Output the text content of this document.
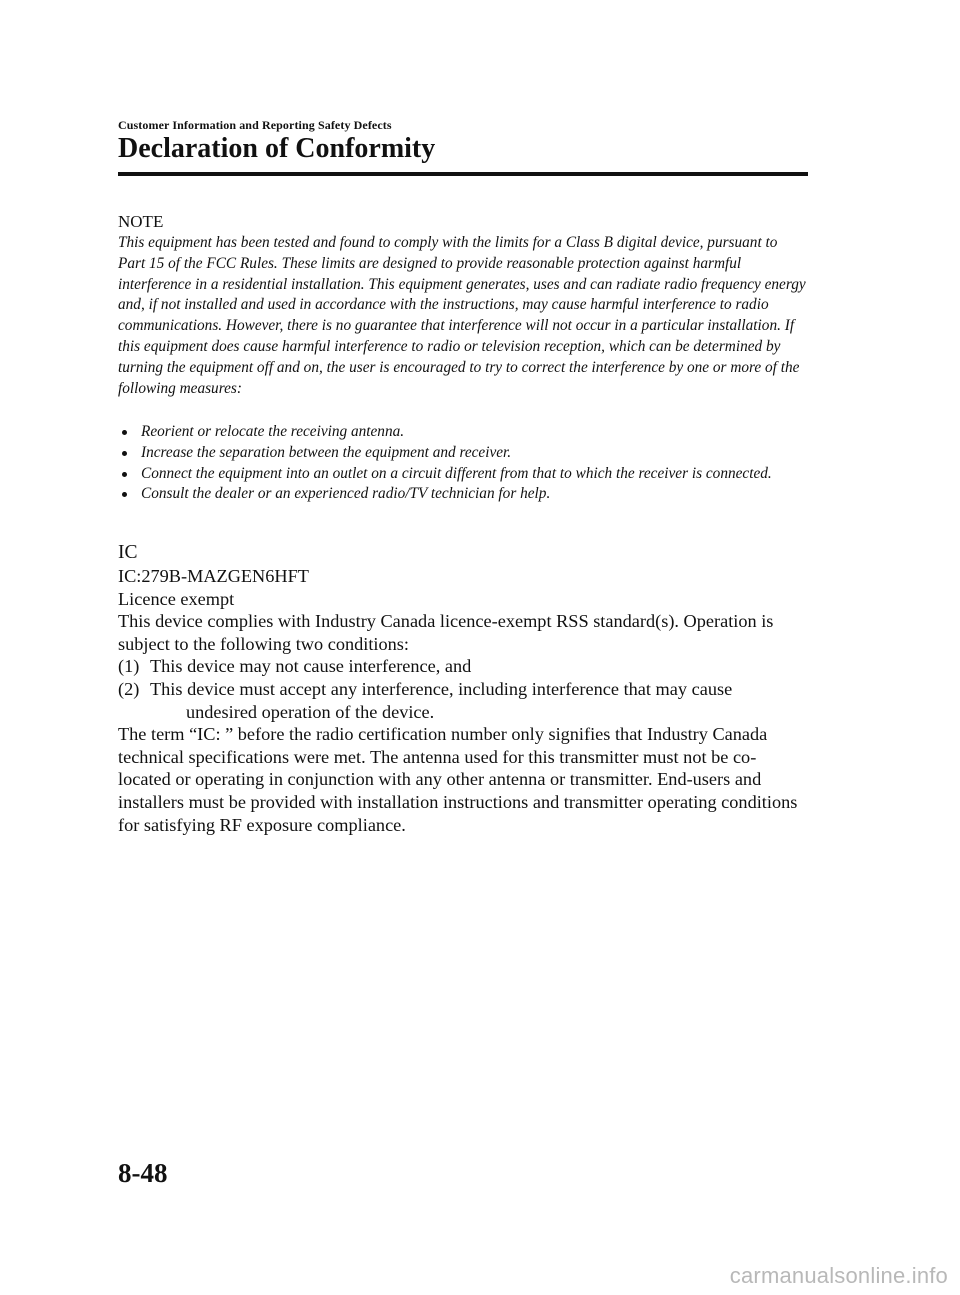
Customer Information and Reporting Safety Defects
Declaration of Conformity
NOTE
This equipment has been tested and found to comply with the limits for a Class B digital device, pursuant to Part 15 of the FCC Rules. These limits are designed to provide reasonable protection against harmful interference in a residential installation. This equipment generates, uses and can radiate radio frequency energy and, if not installed and used in accordance with the instructions, may cause harmful interference to radio communications. However, there is no guarantee that interference will not occur in a particular installation. If this equipment does cause harmful interference to radio or television reception, which can be determined by turning the equipment off and on, the user is encouraged to try to correct the interference by one or more of the following measures:
Reorient or relocate the receiving antenna.
Increase the separation between the equipment and receiver.
Connect the equipment into an outlet on a circuit different from that to which the receiver is connected.
Consult the dealer or an experienced radio/TV technician for help.
IC

IC:279B-MAZGEN6HFT

Licence exempt

This device complies with Industry Canada licence-exempt RSS standard(s). Operation is subject to the following two conditions:

(1) This device may not cause interference, and

(2) This device must accept any interference, including interference that may cause
undesired operation of the device.

The term “IC: ” before the radio certification number only signifies that Industry Canada technical specifications were met. The antenna used for this transmitter must not be co-located or operating in conjunction with any other antenna or transmitter. End-users and installers must be provided with installation instructions and transmitter operating conditions for satisfying RF exposure compliance.

8-48
carmanualsonline.info
